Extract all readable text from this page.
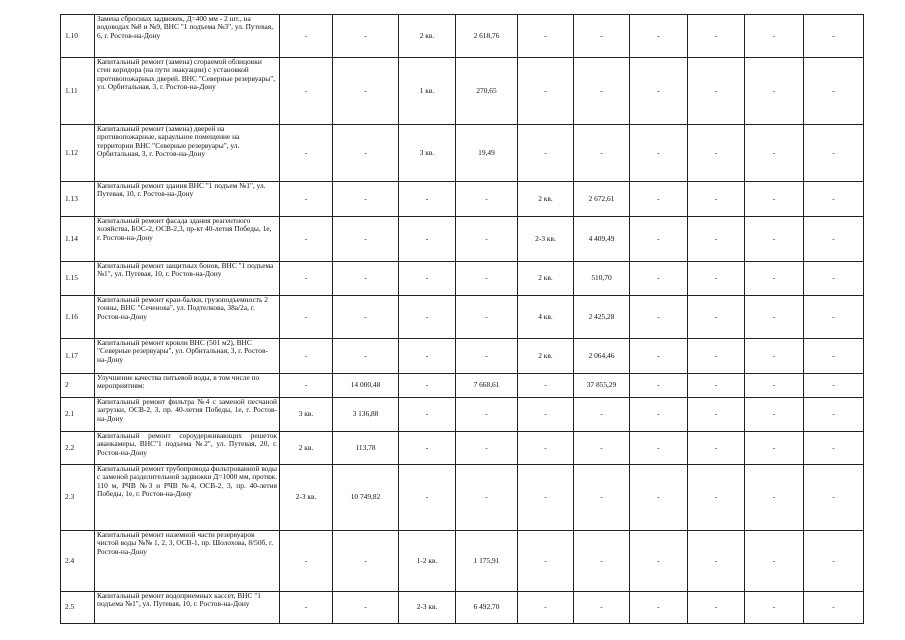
1.10	Замена сбросных задвижек, Д=400 мм - 2 шт., на водоводах №8 и №9, ВНС "1 подъема №3", ул. Путевая, 6, г. Ростов-на-Дону	-	-	2 кв.	2 618,76	-	-	-	-	-	-
1.11	Капитальный ремонт (замена) сгораемой облицовки стен коридора (на пути эвакуации) с установкой противопожарных дверей. ВНС "Северные резервуары", ул. Орбитальная, 3, г. Ростов-на-Дону	-	-	1 кв.	270,65	-	-	-	-	-	-
1.12	Капитальный ремонт (замена) дверей на противопожарные, караульное помещение на территории ВНС "Северные резервуары", ул. Орбитальная, 3, г. Ростов-на-Дону	-	-	3 кв.	19,49	-	-	-	-	-	-
1.13	Капитальный ремонт здания ВНС "1 подъем №1", ул. Путевая, 10, г. Ростов-на-Дону	-	-	-	-	2 кв.	2 672,61	-	-	-	-
1.14	Капитальный ремонт фасада здания реагентного хозяйства, БОС-2, ОСВ-2,3, пр-кт 40-летия Победы, 1е, г. Ростов-на-Дону	-	-	-	-	2-3 кв.	4 409,49	-	-	-	-
1.15	Капитальный ремонт защитных бонов, ВНС "1 подъема №1", ул. Путевая, 10, г. Ростов-на-Дону	-	-	-	-	2 кв.	510,70	-	-	-	-
1.16	Капитальный ремонт кран-балки, грузоподъемность 2 тонны, ВНС "Сеченова", ул. Подтелкова, 38а/2а, г. Ростов-на-Дону	-	-	-	-	4 кв.	2 425,28	-	-	-	-
1.17	Капитальный ремонт кровли ВНС (501 м2), ВНС "Северные резервуары", ул. Орбитальная, 3, г. Ростов-на-Дону	-	-	-	-	2 кв.	2 064,46	-	-	-	-
2	Улучшение качества питьевой воды, в том числе по мероприятиям:	-	14 000,48	-	7 668,61	-	37 855,29	-	-	-	-
2.1	Капитальный ремонт фильтра №4 с заменой песчаной загрузки, ОСВ-2, 3, пр. 40-летия Победы, 1е, г. Ростов-на-Дону	3 кв.	3 136,88	-	-	-	-	-	-	-	-
2.2	Капитальный ремонт сороудерживающих решеток аванкамеры, ВНС"1 подъема №2", ул. Путевая, 20, г. Ростов-на-Дону	2 кв.	113,78	-	-	-	-	-	-	-	-
2.3	Капитальный ремонт трубопровода фильтрованной воды с заменой разделительной задвижки Д=1000 мм, протяж. 110 м, РЧВ №3 и РЧВ №4, ОСВ-2, 3, пр. 40-летия Победы, 1е, г. Ростов-на-Дону	2-3 кв.	10 749,82	-	-	-	-	-	-	-	-
2.4	Капитальный ремонт наземной части резервуаров чистой воды №№ 1, 2, 3, ОСВ-1, пр. Шолохова, 8/50б, г. Ростов-на-Дону	-	-	1-2 кв.	1 175,91	-	-	-	-	-	-
2.5	Капитальный ремонт водоприемных кассет, ВНС "1 подъема №1", ул. Путевая, 10, г. Ростов-на-Дону	-	-	2-3 кв.	6 492,70	-	-	-	-	-	-
